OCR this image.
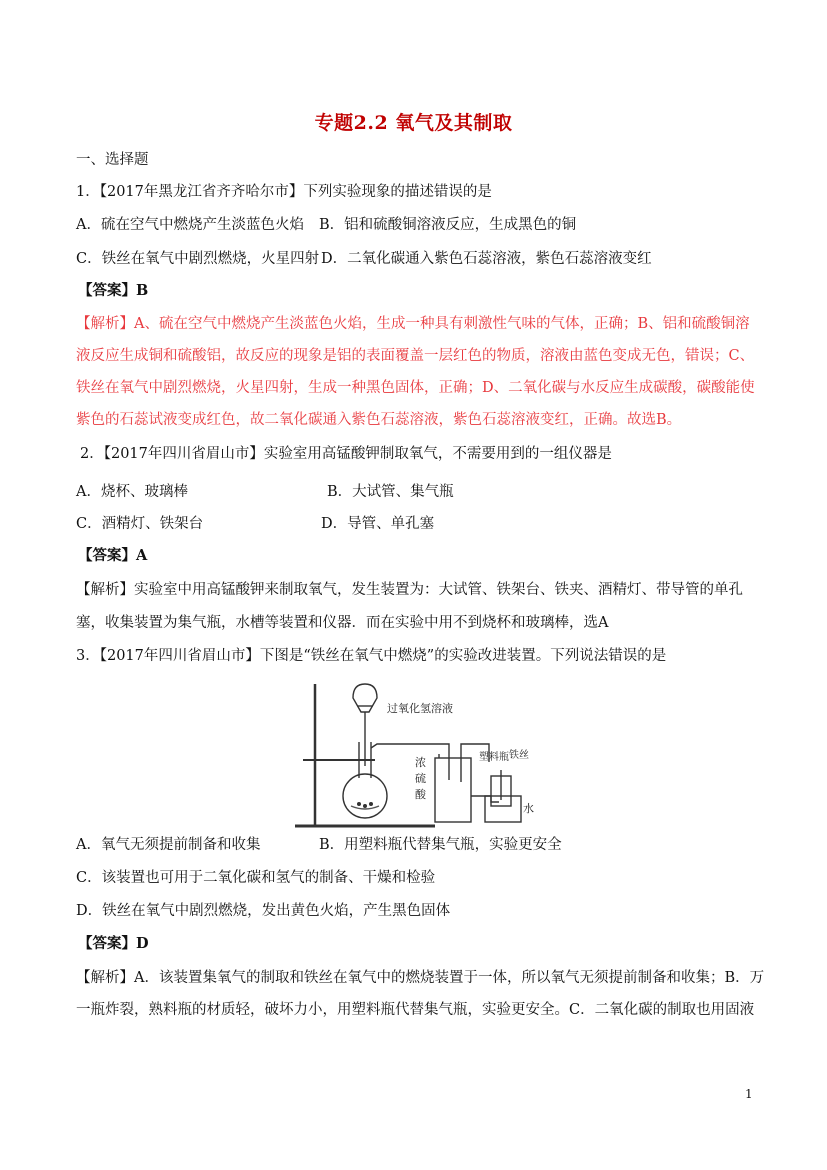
专题2.2 氧气及其制取
一、选择题
1．【2017年黑龙江省齐齐哈尔市】下列实验现象的描述错误的是
A．硫在空气中燃烧产生淡蓝色火焰 B．铝和硫酸铜溶液反应，生成黑色的铜
C．铁丝在氧气中剧烈燃烧，火星四射 D．二氧化碳通入紫色石蕊溶液，紫色石蕊溶液变红
【答案】B
【解析】A、硫在空气中燃烧产生淡蓝色火焰，生成一种具有刺激性气味的气体，正确；B、铝和硫酸铜溶
液反应生成铜和硫酸铝，故反应的现象是铝的表面覆盖一层红色的物质，溶液由蓝色变成无色，错误；C、
铁丝在氧气中剧烈燃烧，火星四射，生成一种黑色固体，正确；D、二氧化碳与水反应生成碳酸，碳酸能使
紫色的石蕊试液变成红色，故二氧化碳通入紫色石蕊溶液，紫色石蕊溶液变红，正确。故选B。
2．【2017年四川省眉山市】实验室用高锰酸钾制取氧气，不需要用到的一组仪器是
A．烧杯、玻璃棒	B．大试管、集气瓶
C．酒精灯、铁架台	D．导管、单孔塞
【答案】A
【解析】实验室中用高锰酸钾来制取氧气，发生装置为：大试管、铁架台、铁夹、酒精灯、带导管的单孔
塞，收集装置为集气瓶，水槽等装置和仪器．而在实验中用不到烧杯和玻璃棒，选A
3．【2017年四川省眉山市】下图是“铁丝在氧气中燃烧”的实验改进装置。下列说法错误的是
过氧化氢溶液
浓
硫
酸
塑料瓶 铁丝
水
A．氧气无须提前制备和收集	B．用塑料瓶代替集气瓶，实验更安全
C．该装置也可用于二氧化碳和氢气的制备、干燥和检验
D．铁丝在氧气中剧烈燃烧，发出黄色火焰，产生黑色固体
【答案】D
【解析】A．该装置集氧气的制取和铁丝在氧气中的燃烧装置于一体，所以氧气无须提前制备和收集；B．万
一瓶炸裂，熟料瓶的材质轻，破坏力小，用塑料瓶代替集气瓶，实验更安全。C．二氧化碳的制取也用固液
1
